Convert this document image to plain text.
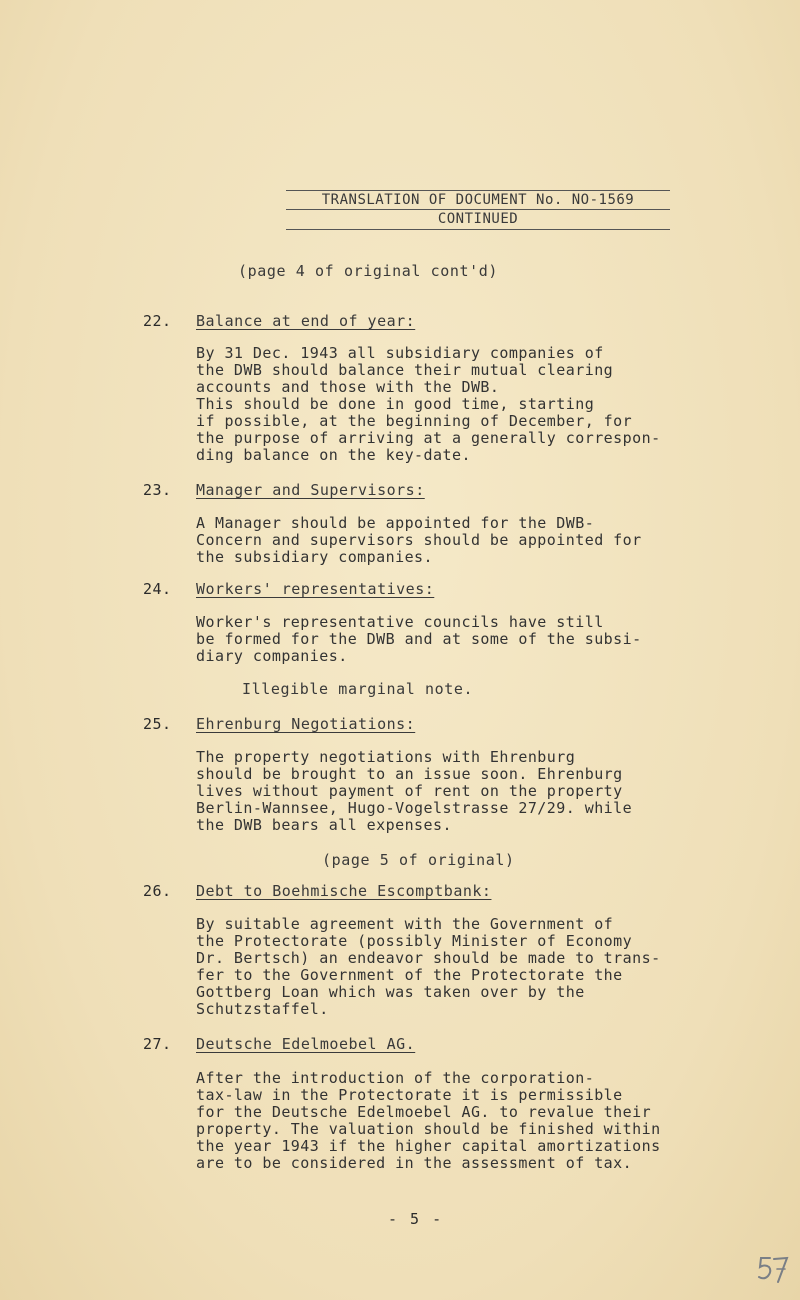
TRANSLATION OF DOCUMENT No. NO-1569
CONTINUED
(page 4 of original cont'd)
22. Balance at end of year:
By 31 Dec. 1943 all subsidiary companies of
the DWB should balance their mutual clearing
accounts and those with the DWB.
This should be done in good time, starting
if possible, at the beginning of December, for
the purpose of arriving at a generally correspon-
ding balance on the key-date.
23. Manager and Supervisors:
A Manager should be appointed for the DWB-
Concern and supervisors should be appointed for
the subsidiary companies.
24. Workers' representatives:
Worker's representative councils have still
be formed for the DWB and at some of the subsi-
diary companies.
Illegible marginal note.
25. Ehrenburg Negotiations:
The property negotiations with Ehrenburg
should be brought to an issue soon. Ehrenburg
lives without payment of rent on the property
Berlin-Wannsee, Hugo-Vogelstrasse 27/29. while
the DWB bears all expenses.
(page 5 of original)
26. Debt to Boehmische Escomptbank:
By suitable agreement with the Government of
the Protectorate (possibly Minister of Economy
Dr. Bertsch) an endeavor should be made to trans-
fer to the Government of the Protectorate the
Gottberg Loan which was taken over by the
Schutzstaffel.
27. Deutsche Edelmoebel AG.
After the introduction of the corporation-
tax-law in the Protectorate it is permissible
for the Deutsche Edelmoebel AG. to revalue their
property. The valuation should be finished within
the year 1943 if the higher capital amortizations
are to be considered in the assessment of tax.
- 5 -
